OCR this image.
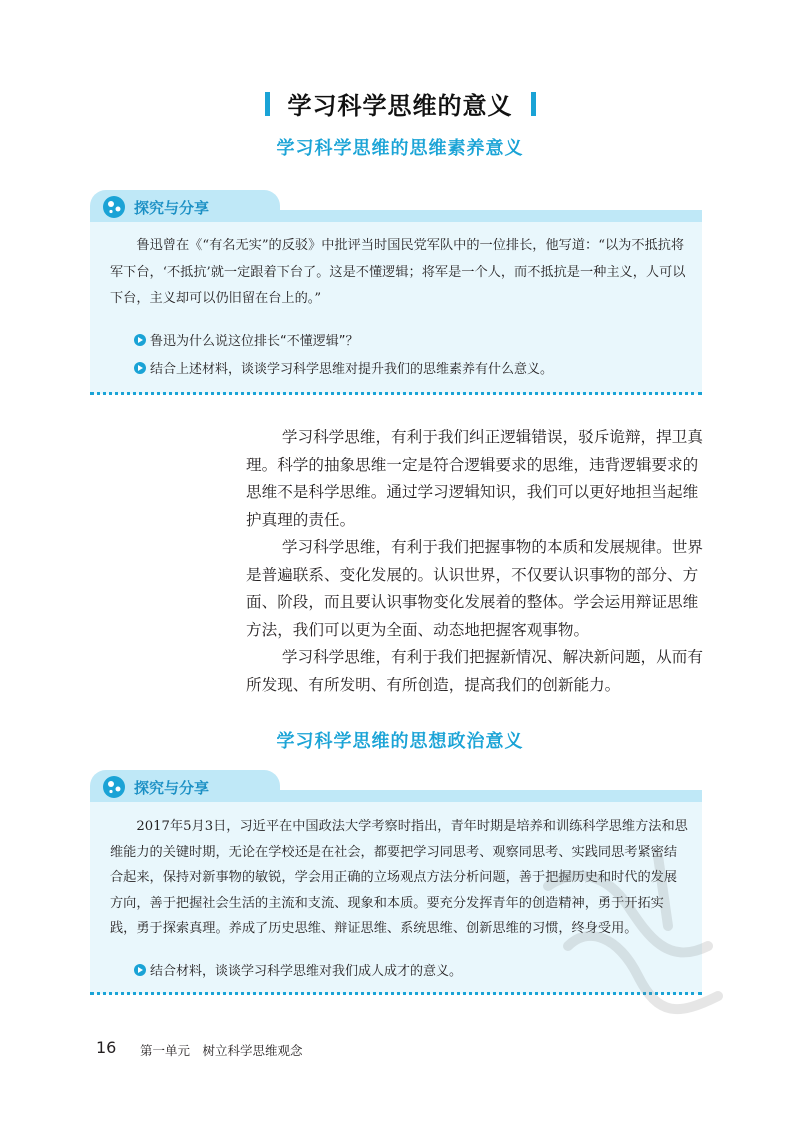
学习科学思维的意义
学习科学思维的思维素养意义
探究与分享

鲁迅曾在《“有名无实”的反驳》中批评当时国民党军队中的一位排长，他写道：“以为不抵抗将军下台，‘不抵抗’就一定跟着下台了。这是不懂逻辑；将军是一个人，而不抵抗是一种主义，人可以下台，主义却可以仍旧留在台上的。”

鲁迅为什么说这位排长“不懂逻辑”？
结合上述材料，谈谈学习科学思维对提升我们的思维素养有什么意义。

学习科学思维，有利于我们纠正逻辑错误，驳斥诡辩，捍卫真理。科学的抽象思维一定是符合逻辑要求的思维，违背逻辑要求的思维不是科学思维。通过学习逻辑知识，我们可以更好地担当起维护真理的责任。

学习科学思维，有利于我们把握事物的本质和发展规律。世界是普遍联系、变化发展的。认识世界，不仅要认识事物的部分、方面、阶段，而且要认识事物变化发展着的整体。学会运用辩证思维方法，我们可以更为全面、动态地把握客观事物。

学习科学思维，有利于我们把握新情况、解决新问题，从而有所发现、有所发明、有所创造，提高我们的创新能力。

学习科学思维的思想政治意义
探究与分享

2017年5月3日，习近平在中国政法大学考察时指出，青年时期是培养和训练科学思维方法和思维能力的关键时期，无论在学校还是在社会，都要把学习同思考、观察同思考、实践同思考紧密结合起来，保持对新事物的敏锐，学会用正确的立场观点方法分析问题，善于把握历史和时代的发展方向，善于把握社会生活的主流和支流、现象和本质。要充分发挥青年的创造精神，勇于开拓实践，勇于探索真理。养成了历史思维、辩证思维、系统思维、创新思维的习惯，终身受用。

结合材料，谈谈学习科学思维对我们成人成才的意义。
16 第一单元　树立科学思维观念
